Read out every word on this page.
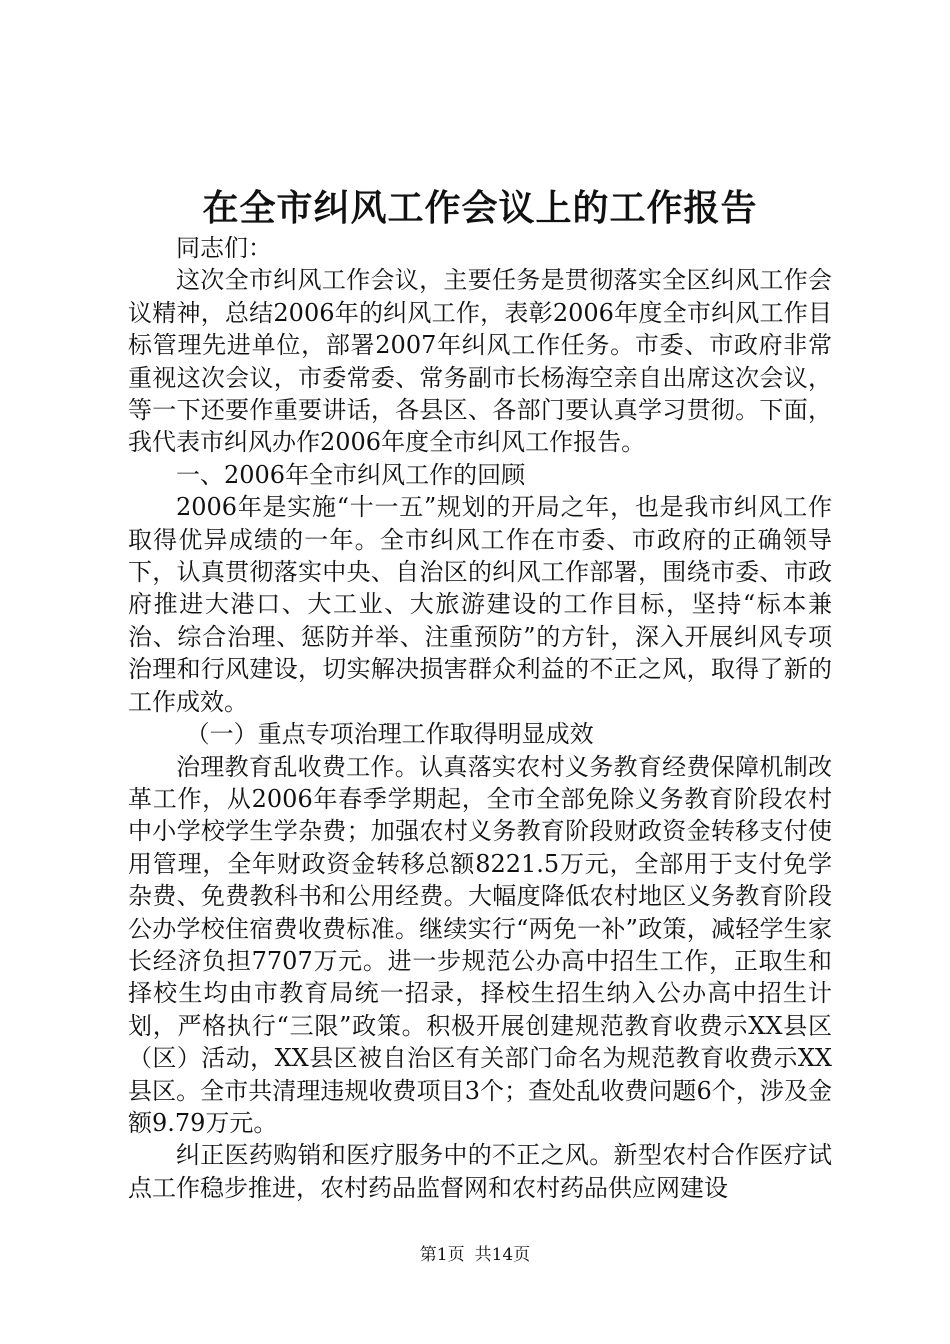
在全市纠风工作会议上的工作报告

同志们：

这次全市纠风工作会议，主要任务是贯彻落实全区纠风工作会议精神，总结2006年的纠风工作，表彰2006年度全市纠风工作目标管理先进单位，部署2007年纠风工作任务。市委、市政府非常重视这次会议，市委常委、常务副市长杨海空亲自出席这次会议，等一下还要作重要讲话，各县区、各部门要认真学习贯彻。下面，我代表市纠风办作2006年度全市纠风工作报告。

一、2006年全市纠风工作的回顾

2006年是实施“十一五”规划的开局之年，也是我市纠风工作取得优异成绩的一年。全市纠风工作在市委、市政府的正确领导下，认真贯彻落实中央、自治区的纠风工作部署，围绕市委、市政府推进大港口、大工业、大旅游建设的工作目标，坚持“标本兼治、综合治理、惩防并举、注重预防”的方针，深入开展纠风专项治理和行风建设，切实解决损害群众利益的不正之风，取得了新的工作成效。

（一）重点专项治理工作取得明显成效

治理教育乱收费工作。认真落实农村义务教育经费保障机制改革工作，从2006年春季学期起，全市全部免除义务教育阶段农村中小学校学生学杂费；加强农村义务教育阶段财政资金转移支付使用管理，全年财政资金转移总额8221.5万元，全部用于支付免学杂费、免费教科书和公用经费。大幅度降低农村地区义务教育阶段公办学校住宿费收费标准。继续实行“两免一补”政策，减轻学生家长经济负担7707万元。进一步规范公办高中招生工作，正取生和择校生均由市教育局统一招录，择校生招生纳入公办高中招生计划，严格执行“三限”政策。积极开展创建规范教育收费示XX县区（区）活动，XX县区被自治区有关部门命名为规范教育收费示XX县区。全市共清理违规收费项目3个；查处乱收费问题6个，涉及金额9.79万元。

纠正医药购销和医疗服务中的不正之风。新型农村合作医疗试点工作稳步推进，农村药品监督网和农村药品供应网建设

第1页 共14页
